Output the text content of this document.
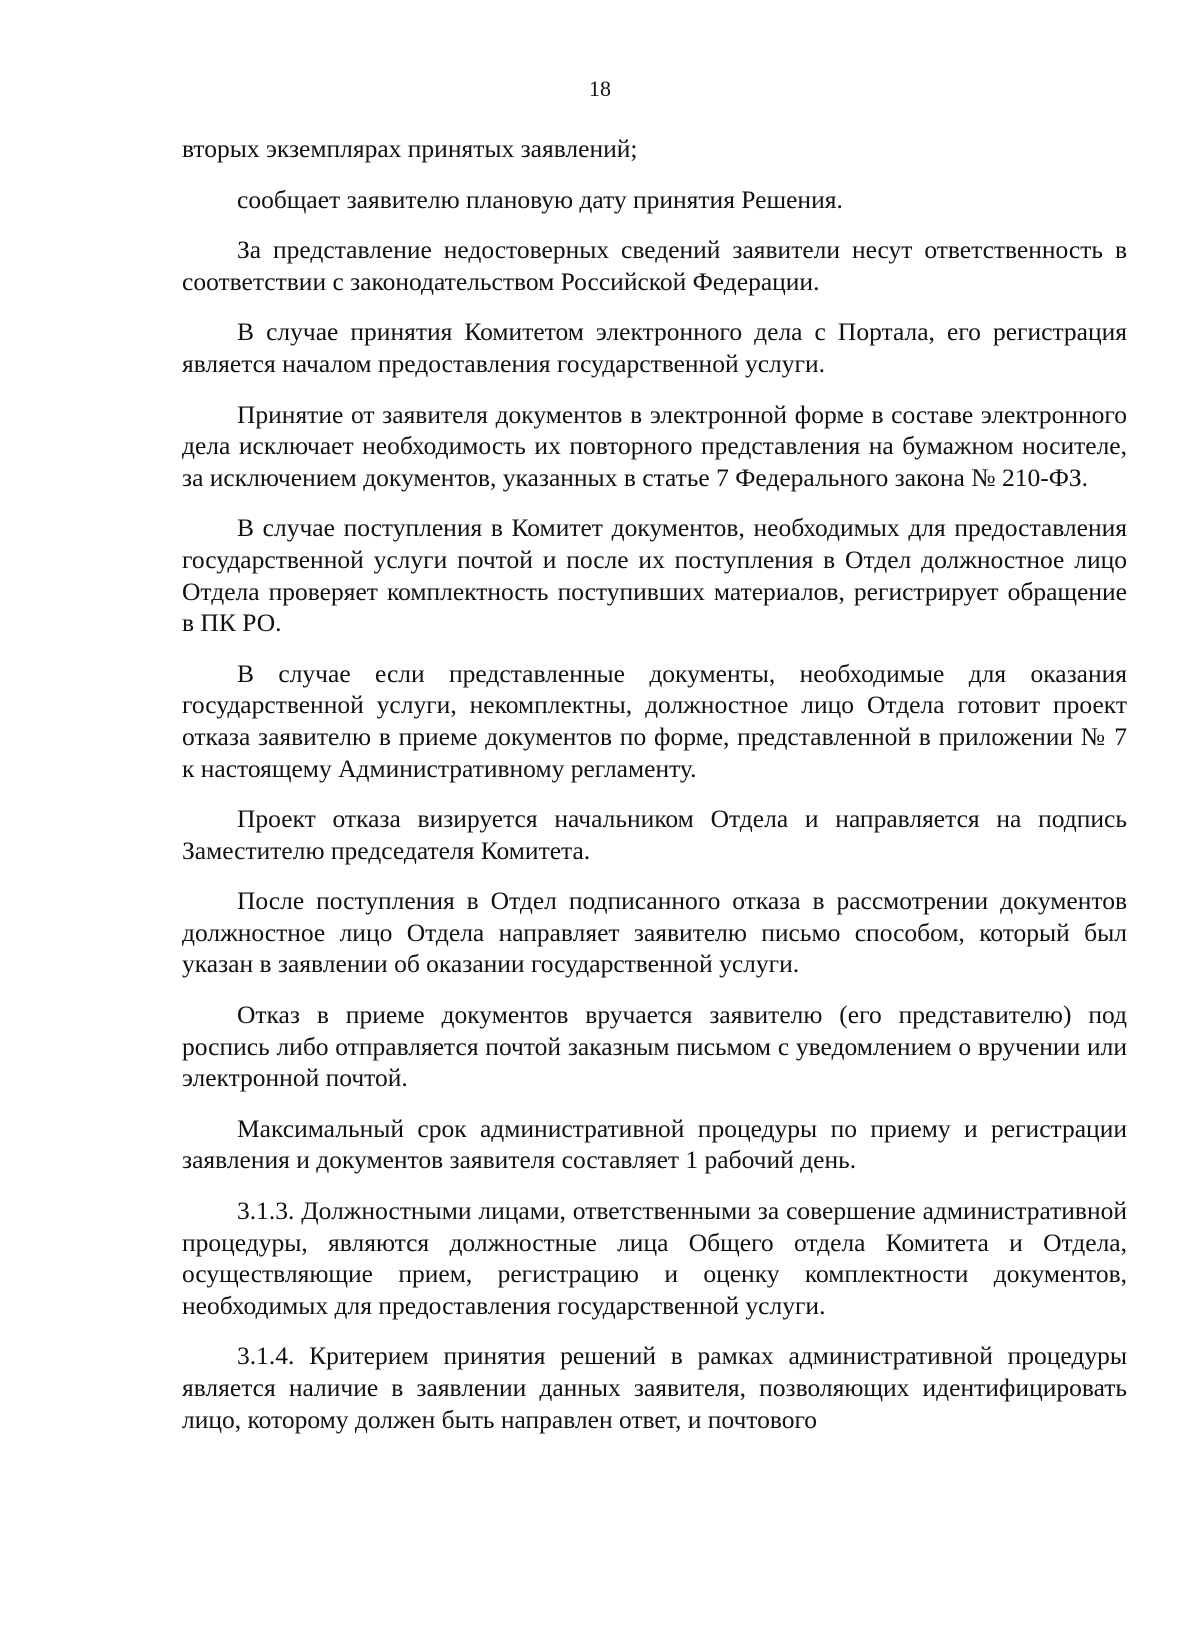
18

вторых экземплярах принятых заявлений;

сообщает заявителю плановую дату принятия Решения.

За представление недостоверных сведений заявители несут ответственность в соответствии с законодательством Российской Федерации.

В случае принятия Комитетом электронного дела с Портала, его регистрация является началом предоставления государственной услуги.

Принятие от заявителя документов в электронной форме в составе электронного дела исключает необходимость их повторного представления на бумажном носителе, за исключением документов, указанных в статье 7 Федерального закона № 210-ФЗ.

В случае поступления в Комитет документов, необходимых для предоставления государственной услуги почтой и после их поступления в Отдел должностное лицо Отдела проверяет комплектность поступивших материалов, регистрирует обращение в ПК РО.

В случае если представленные документы, необходимые для оказания государственной услуги, некомплектны, должностное лицо Отдела готовит проект отказа заявителю в приеме документов по форме, представленной в приложении № 7 к настоящему Административному регламенту.

Проект отказа визируется начальником Отдела и направляется на подпись Заместителю председателя Комитета.

После поступления в Отдел подписанного отказа в рассмотрении документов должностное лицо Отдела направляет заявителю письмо способом, который был указан в заявлении об оказании государственной услуги.

Отказ в приеме документов вручается заявителю (его представителю) под роспись либо отправляется почтой заказным письмом с уведомлением о вручении или электронной почтой.

Максимальный срок административной процедуры по приему и регистрации заявления и документов заявителя составляет 1 рабочий день.

3.1.3. Должностными лицами, ответственными за совершение административной процедуры, являются должностные лица Общего отдела Комитета и Отдела, осуществляющие прием, регистрацию и оценку комплектности документов, необходимых для предоставления государственной услуги.

3.1.4. Критерием принятия решений в рамках административной процедуры является наличие в заявлении данных заявителя, позволяющих идентифицировать лицо, которому должен быть направлен ответ, и почтового
